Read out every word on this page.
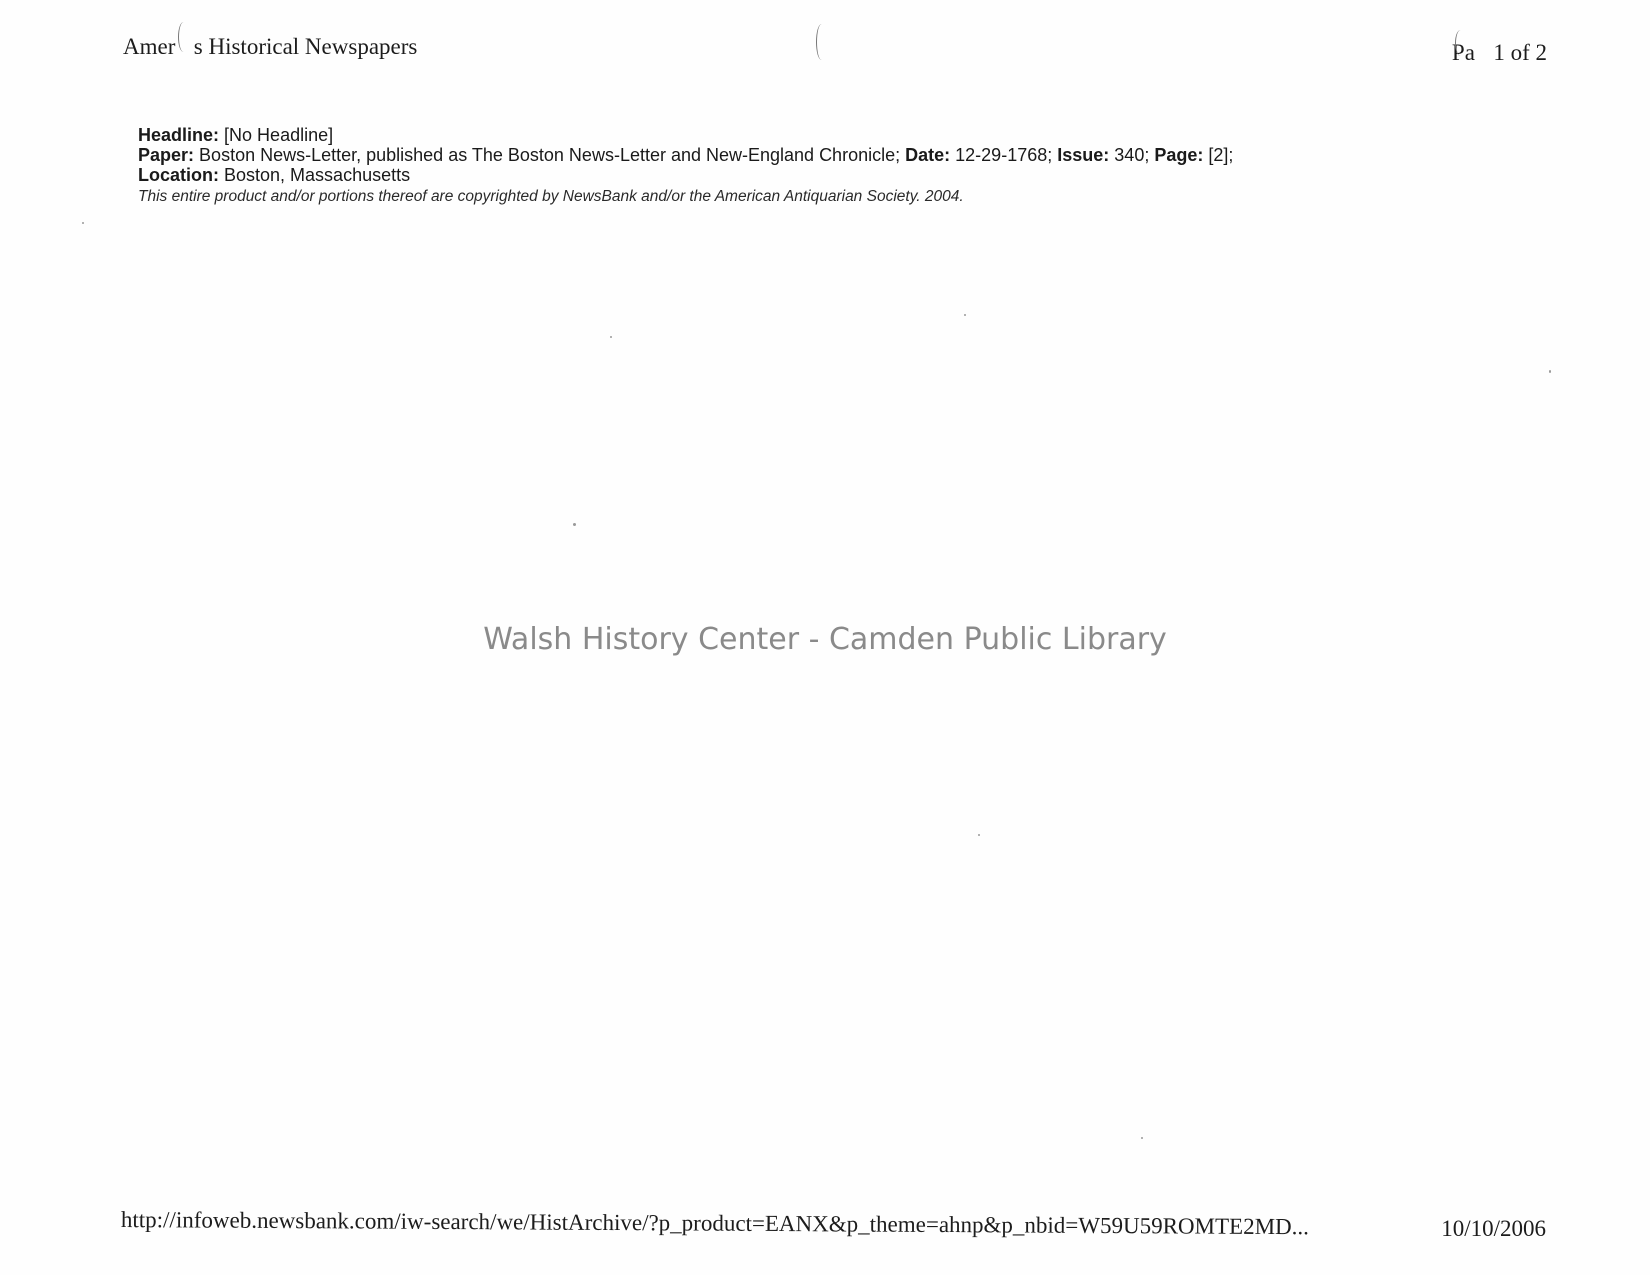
Amer    s Historical Newspapers	Pa    1 of 2
Headline: [No Headline]
Paper: Boston News-Letter, published as The Boston News-Letter and New-England Chronicle; Date: 12-29-1768; Issue: 340; Page: [2];
Location: Boston, Massachusetts
This entire product and/or portions thereof are copyrighted by NewsBank and/or the American Antiquarian Society. 2004.
Walsh History Center - Camden Public Library
http://infoweb.newsbank.com/iw-search/we/HistArchive/?p_product=EANX&p_theme=ahnp&p_nbid=W59U59ROMTE2MD...	10/10/2006
